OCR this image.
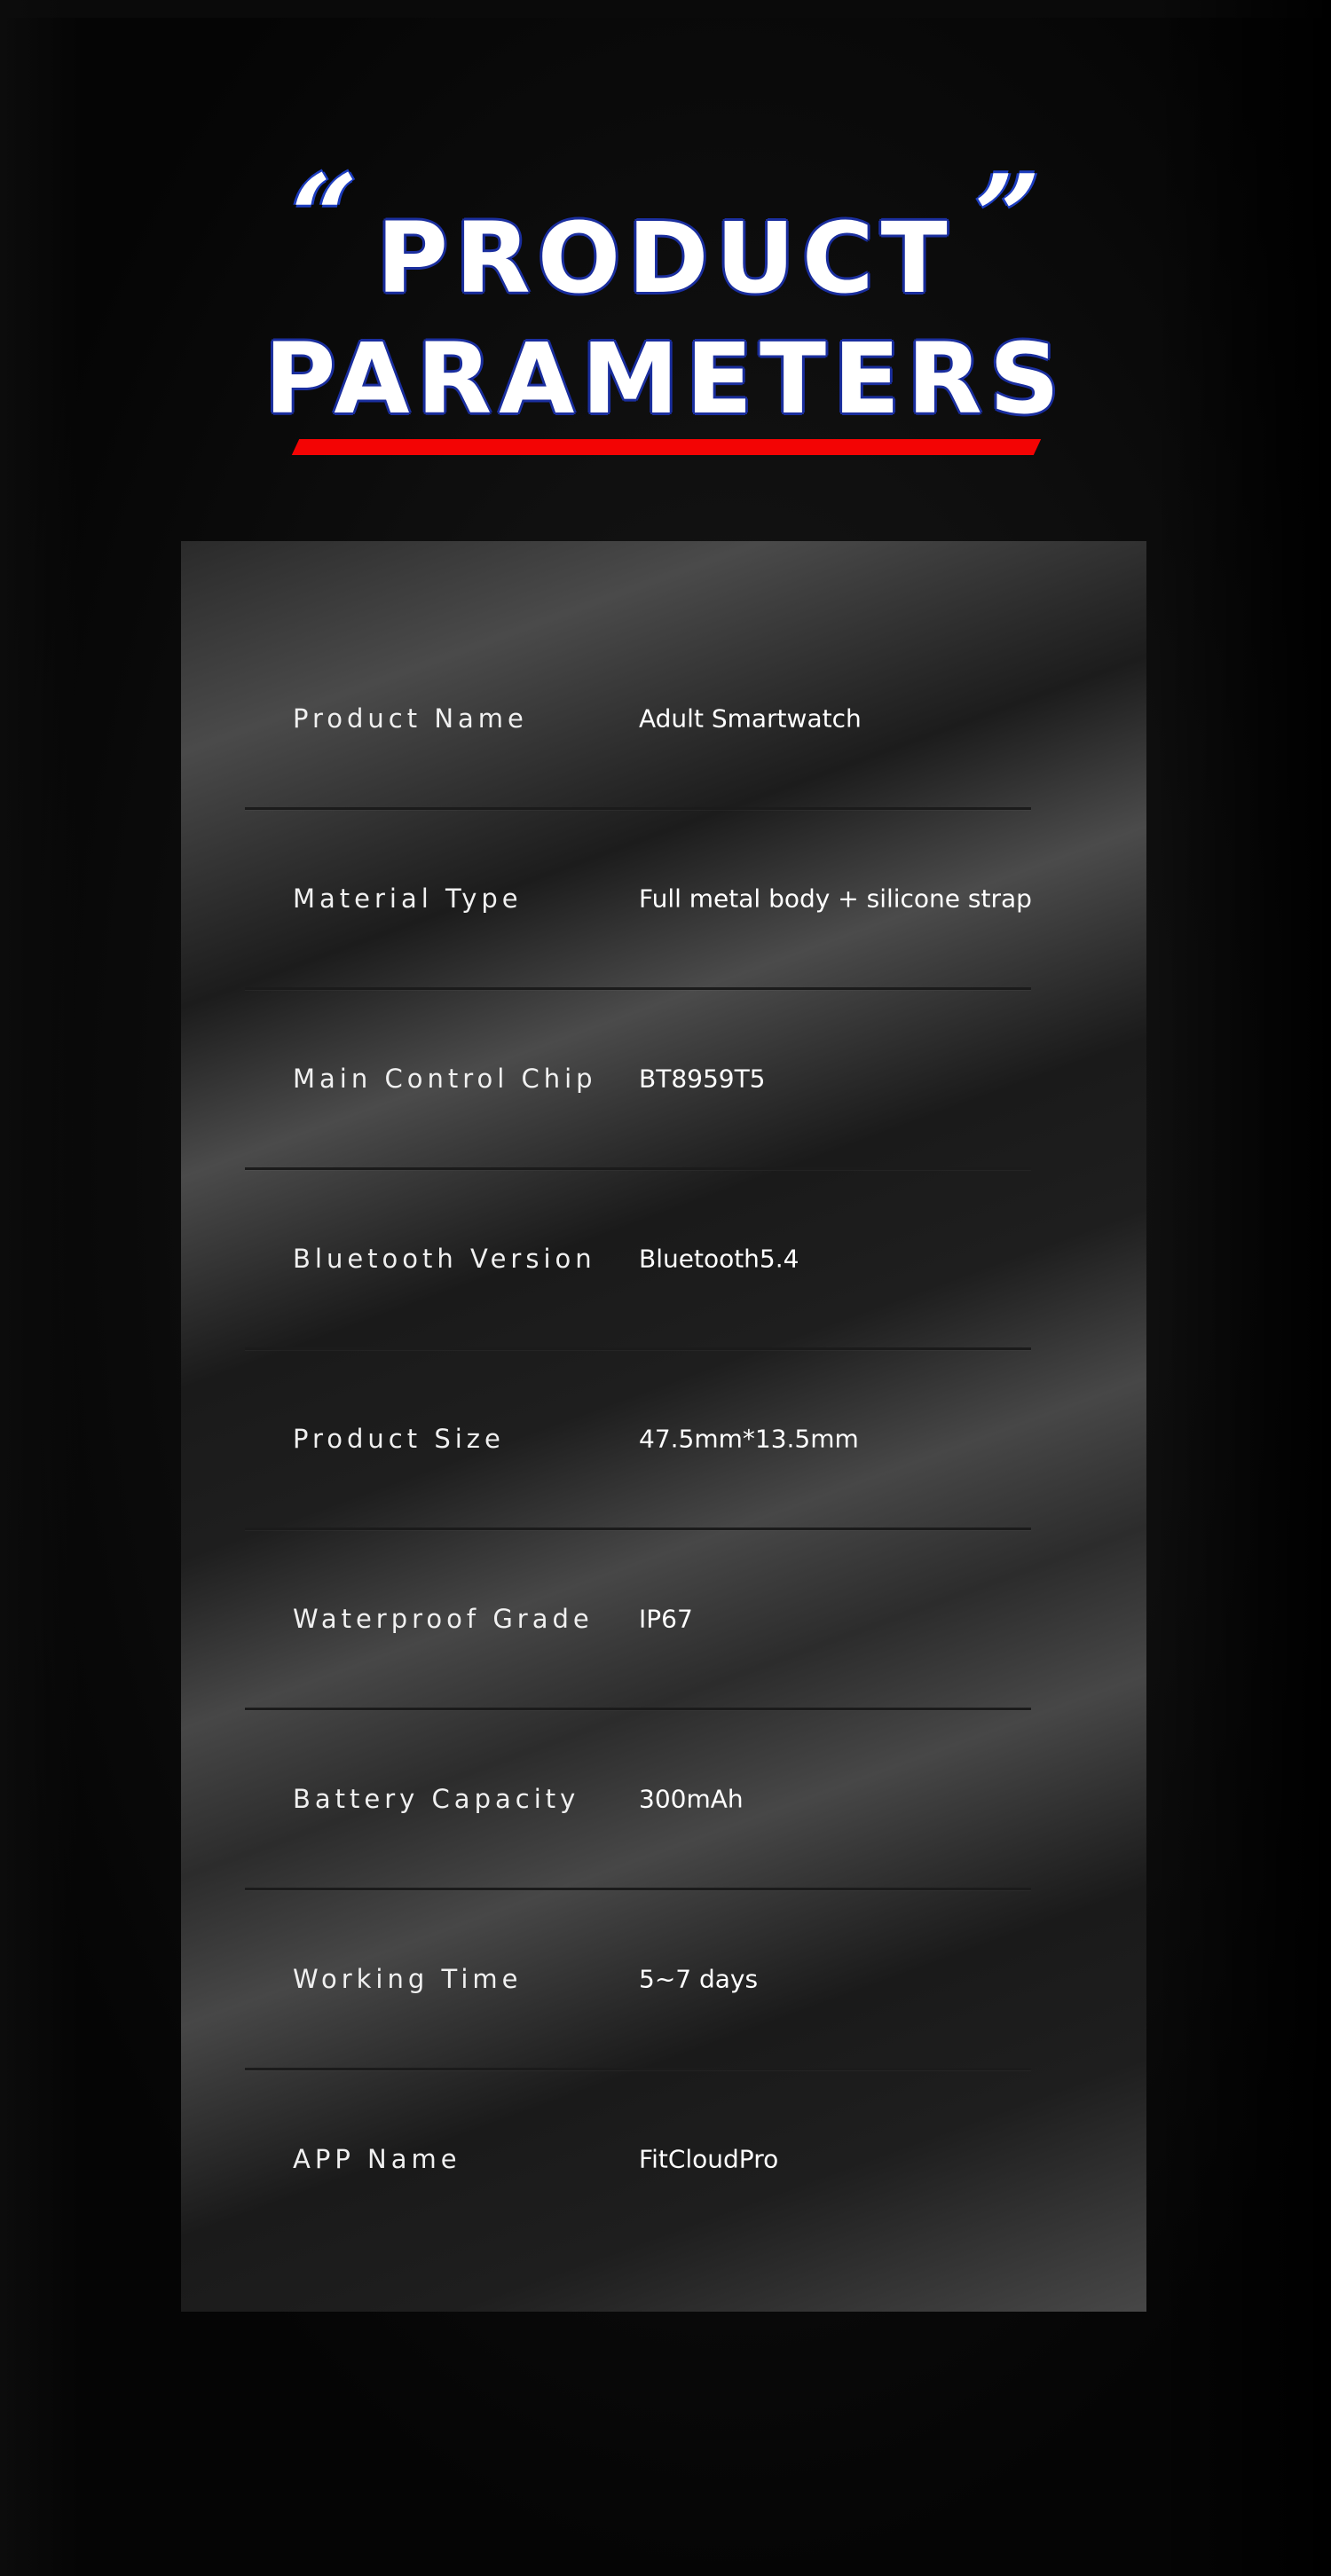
“	”
PRODUCT
PARAMETERS
Product Name	Adult Smartwatch
Material Type	Full metal body + silicone strap
Main Control Chip BT8959T5
Bluetooth Version Bluetooth5.4
Product Size	47.5mm*13.5mm
Waterproof Grade IP67
Battery Capacity 300mAh
Working Time	5~7 days
APP Name	FitCloudPro
